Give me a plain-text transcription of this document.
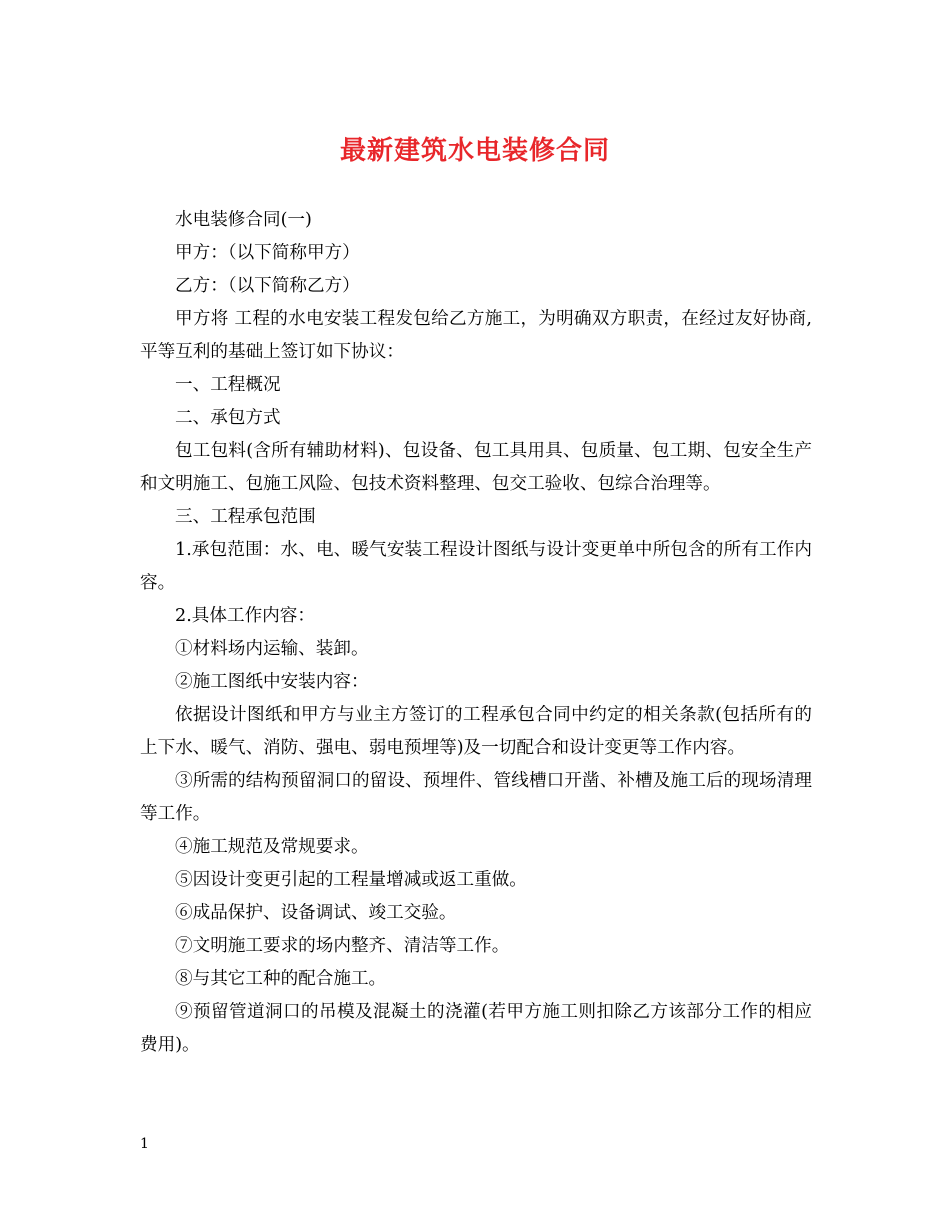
最新建筑水电装修合同

水电装修合同(一)

甲方：（以下简称甲方）

乙方：（以下简称乙方）

甲方将 工程的水电安装工程发包给乙方施工，为明确双方职责，在经过友好协商,平等互利的基础上签订如下协议：

一、工程概况

二、承包方式

包工包料(含所有辅助材料)、包设备、包工具用具、包质量、包工期、包安全生产和文明施工、包施工风险、包技术资料整理、包交工验收、包综合治理等。

三、工程承包范围

1.承包范围：水、电、暖气安装工程设计图纸与设计变更单中所包含的所有工作内容。

2.具体工作内容：

①材料场内运输、装卸。

②施工图纸中安装内容：

依据设计图纸和甲方与业主方签订的工程承包合同中约定的相关条款(包括所有的上下水、暖气、消防、强电、弱电预埋等)及一切配合和设计变更等工作内容。

③所需的结构预留洞口的留设、预埋件、管线槽口开凿、补槽及施工后的现场清理等工作。

④施工规范及常规要求。

⑤因设计变更引起的工程量增减或返工重做。

⑥成品保护、设备调试、竣工交验。

⑦文明施工要求的场内整齐、清洁等工作。

⑧与其它工种的配合施工。

⑨预留管道洞口的吊模及混凝土的浇灌(若甲方施工则扣除乙方该部分工作的相应费用)。

1
